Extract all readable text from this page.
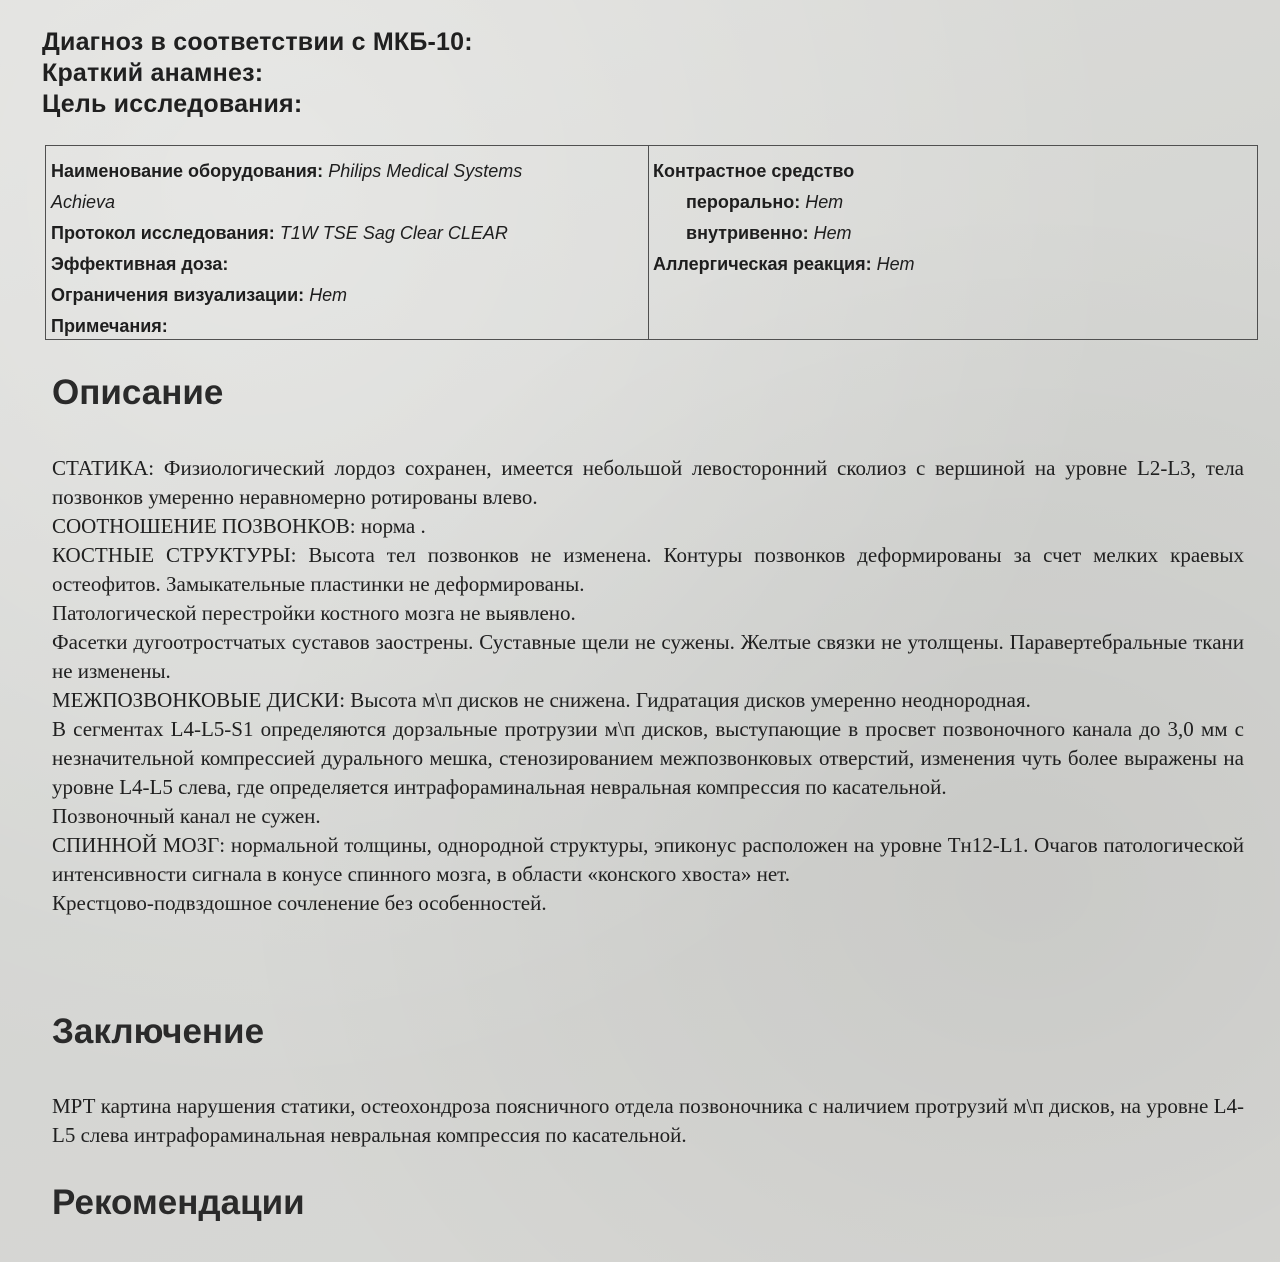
Диагноз в соответствии с МКБ-10:
Краткий анамнез:
Цель исследования:
Наименование оборудования: Philips Medical Systems
Achieva
Протокол исследования: T1W TSE Sag Clear CLEAR
Эффективная доза:
Ограничения визуализации: Нет
Примечания:
Контрастное средство
перорально: Нет
внутривенно: Нет
Аллергическая реакция: Нет
Описание

СТАТИКА: Физиологический лордоз сохранен, имеется небольшой левосторонний сколиоз с вершиной на уровне L2-L3, тела позвонков умеренно неравномерно ротированы влево.

СООТНОШЕНИЕ ПОЗВОНКОВ: норма .

КОСТНЫЕ СТРУКТУРЫ: Высота тел позвонков не изменена. Контуры позвонков деформированы за счет мелких краевых остеофитов. Замыкательные пластинки не деформированы.

Патологической перестройки костного мозга не выявлено.

Фасетки дугоотростчатых суставов заострены. Суставные щели не сужены. Желтые связки не утолщены. Паравертебральные ткани не изменены.

МЕЖПОЗВОНКОВЫЕ ДИСКИ: Высота м\п дисков не снижена. Гидратация дисков умеренно неоднородная.

В сегментах L4-L5-S1 определяются дорзальные протрузии м\п дисков, выступающие в просвет позвоночного канала до 3,0 мм с незначительной компрессией дурального мешка, стенозированием межпозвонковых отверстий, изменения чуть более выражены на уровне L4-L5 слева, где определяется интрафораминальная невральная компрессия по касательной.

Позвоночный канал не сужен.

СПИННОЙ МОЗГ: нормальной толщины, однородной структуры, эпиконус расположен на уровне Тн12-L1. Очагов патологической интенсивности сигнала в конусе спинного мозга, в области «конского хвоста» нет.

Крестцово-подвздошное сочленение без особенностей.

Заключение

МРТ картина нарушения статики, остеохондроза поясничного отдела позвоночника с наличием протрузий м\п дисков, на уровне L4-L5 слева интрафораминальная невральная компрессия по касательной.

Рекомендации
